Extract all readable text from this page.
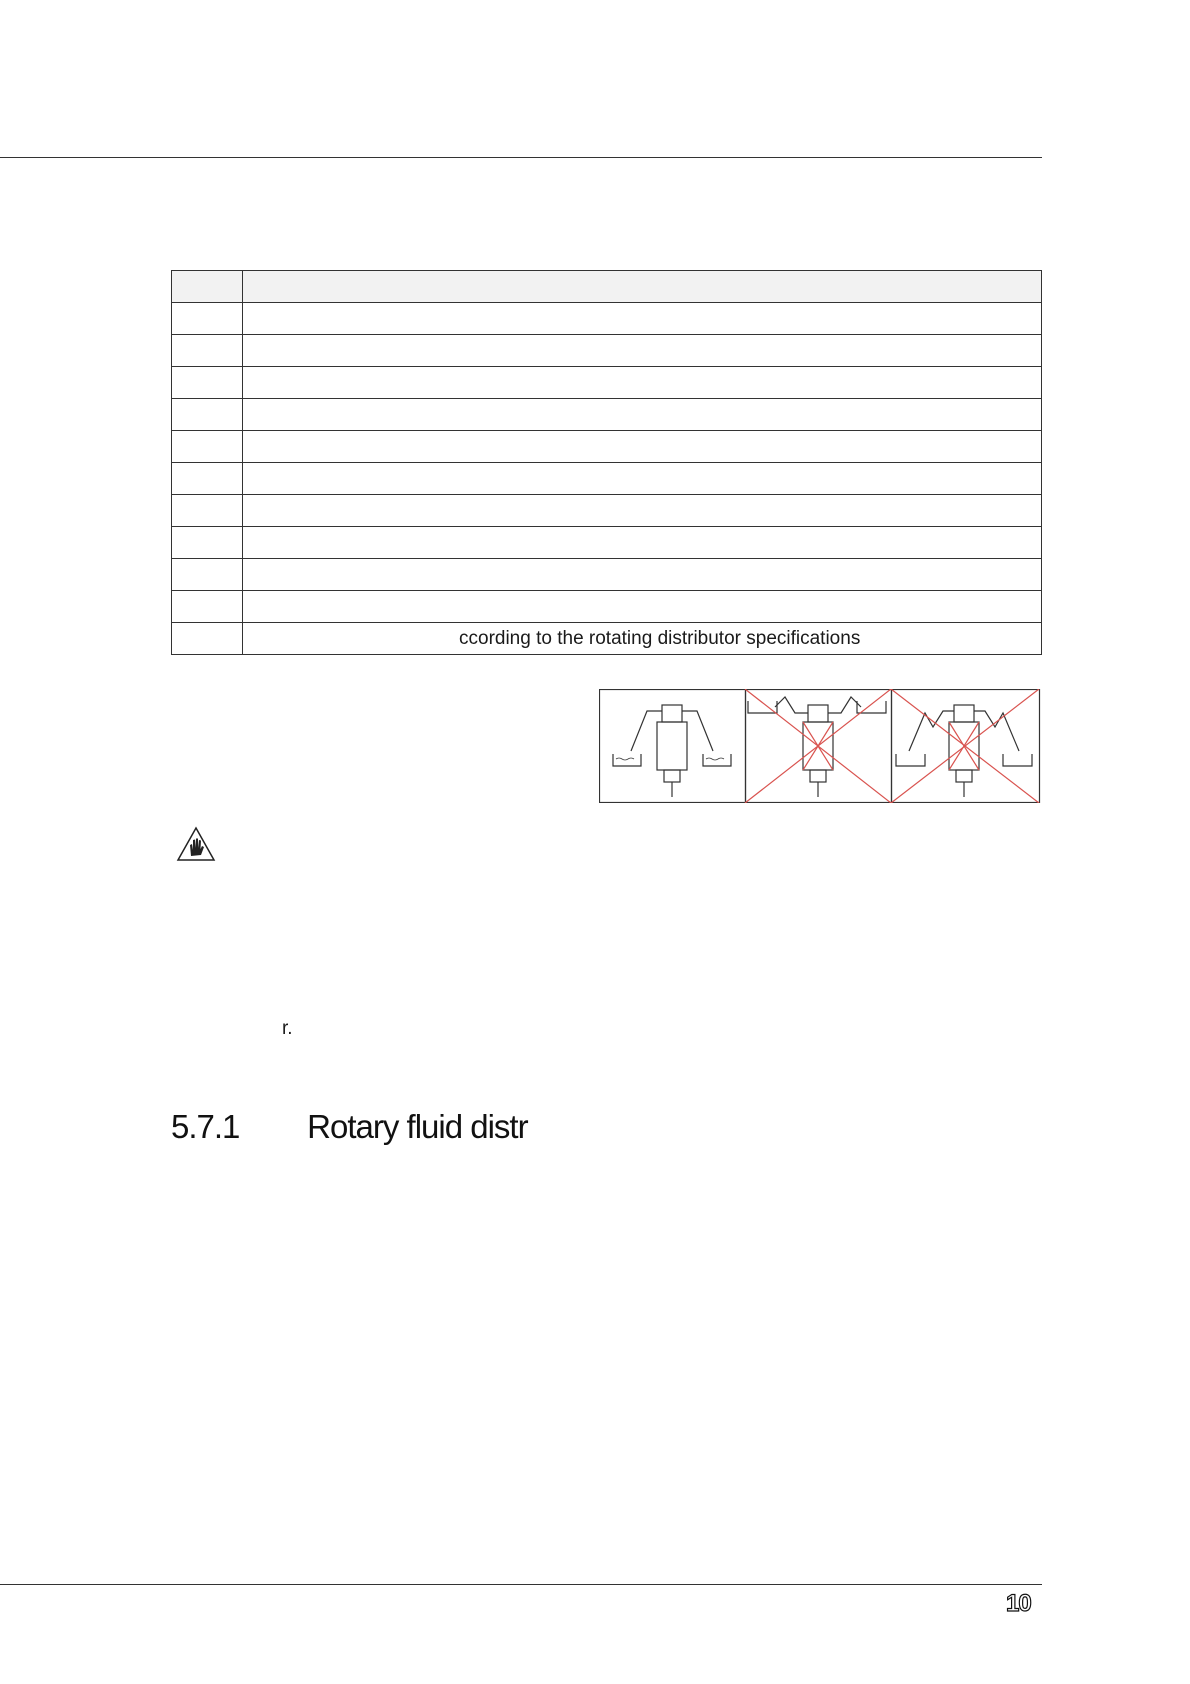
	ccording to the rotating distributor specifications
r.
5.7.1 Rotary fluid distr
10
